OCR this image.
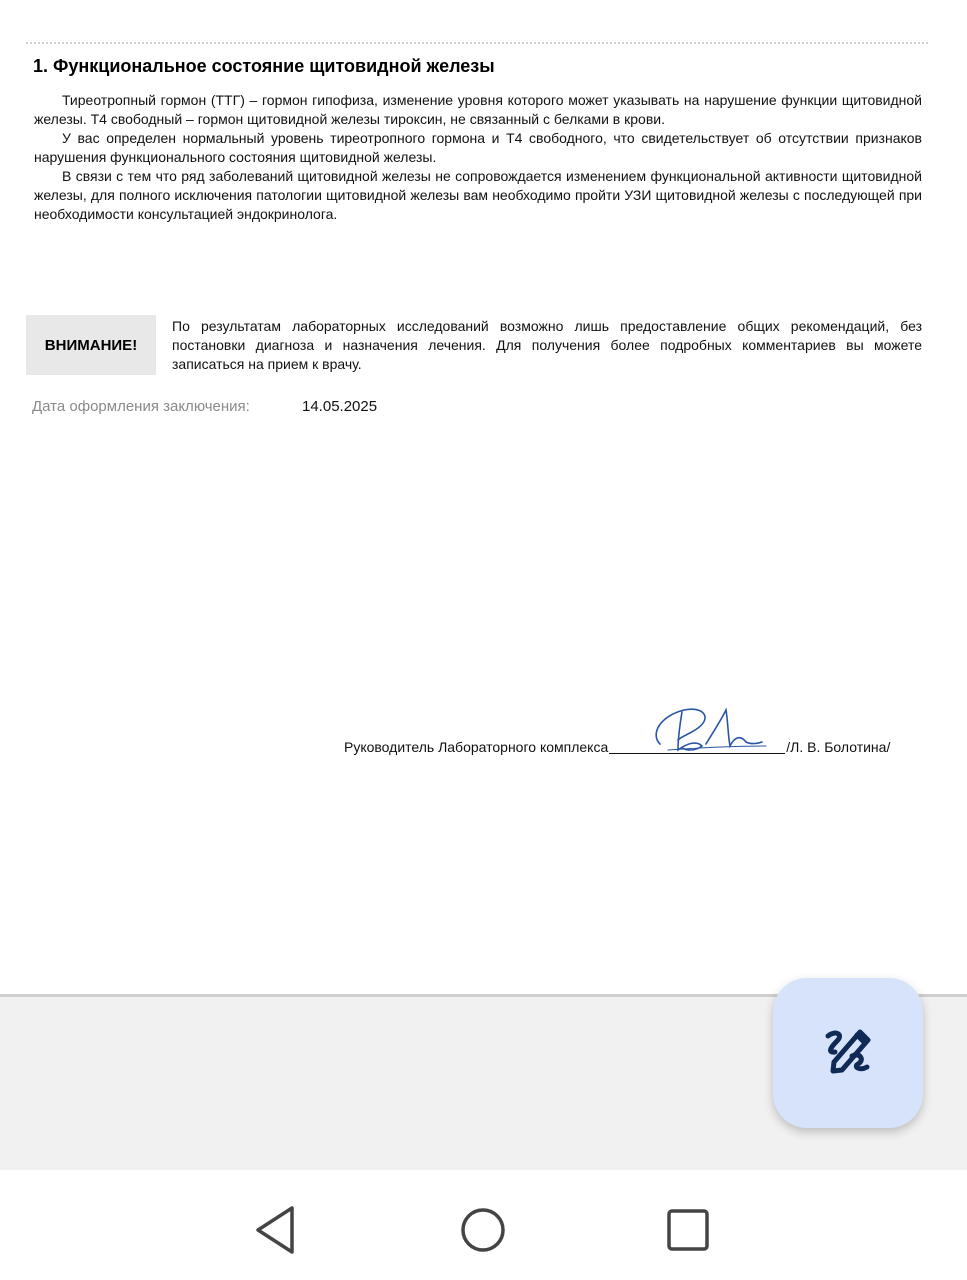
1. Функциональное состояние щитовидной железы

Тиреотропный гормон (ТТГ) – гормон гипофиза, изменение уровня которого может указывать на нарушение функции щитовидной железы. Т4 свободный – гормон щитовидной железы тироксин, не связанный с белками в крови.

У вас определен нормальный уровень тиреотропного гормона и Т4 свободного, что свидетельствует об отсутствии признаков нарушения функционального состояния щитовидной железы.

В связи с тем что ряд заболеваний щитовидной железы не сопровождается изменением функциональной активности щитовидной железы, для полного исключения патологии щитовидной железы вам необходимо пройти УЗИ щитовидной железы с последующей при необходимости консультацией эндокринолога.

ВНИМАНИЕ!

По результатам лабораторных исследований возможно лишь предоставление общих рекомендаций, без постановки диагноза и назначения лечения. Для получения более подробных комментариев вы можете записаться на прием к врачу.

Дата оформления заключения:	14.05.2025
Руководитель Лабораторного комплекса	/Л. В. Болотина/
